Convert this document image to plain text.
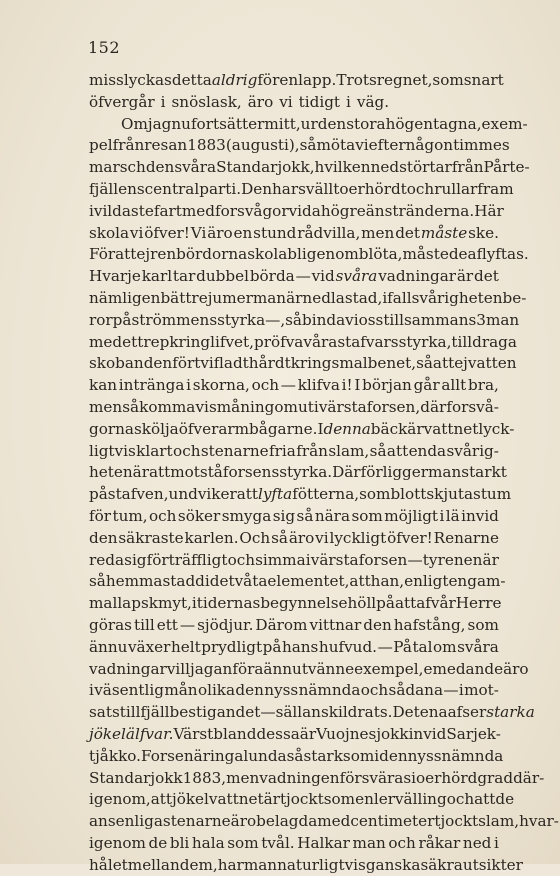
152
misslyckas detta aldrig för en lapp. Trots regnet, som snart
öfvergår i snöslask, äro vi tidigt i väg.
Om jag nu fortsätter mitt, ur den stora högen tagna, exem-
pel från resan 1883 (augusti), så möta vi efter någon timmes
marsch den svåra Standarjokk, hvilken nedstörtar från Pårte-
fjällens centralparti. Den har svällt oerhördt och rullar fram
i vildaste fart med forsvågor vida högre än stränderna. Här
skola vi öfver! Vi äro en stund rådvilla, men det måste ske.
För att ej renbördorna skola bli genomblöta, måste de aflyftas.
Hvarje karl tar dubbel börda — vid svåra vadningar är det
nämligen bättre ju mer man är nedlastad, ifall svårigheten be-
ror på strömmens styrka —, så binda vi oss tillsammans 3 man
med ett rep kring lifvet, pröfva våra stafvars styrka, tilldraga
skobanden förtvifladt hårdt kring smalbenet, så att ej vatten
kan intränga i skorna, och — klifva i! I början går allt bra,
men så komma vi småningom ut i värsta forsen, där forsvå-
gorna skölja öfver armbågarne. I denna bäck är vattnet lyck-
ligtvis klart och stenarne fria från slam, så att enda svårig-
heten är att motstå forsens styrka. Därför ligger man starkt
på stafven, undviker att lyfta fötterna, som blott skjutas tum
för tum, och söker smyga sig så nära som möjligt i lä invid
den säkraste karlen. Och så äro vi lyckligt öfver! Renarne
reda sig förträffligt och simma i värsta forsen — ty renen är
så hemmastadd i det våta elementet, att han, enligt en gam-
mal lapsk myt, i tidernas begynnelse höll på att af vår Herre
göras till ett — sjödjur. Därom vittnar den hafstång, som
ännu växer helt prydligt på hans hufvud. — På tal om svåra
vadningar vill jag anföra ännu tvänne exempel, emedan de äro
i väsentlig mån olika den nyss nämnda och sådana — i mot-
sats till fjällbestigandet — sällan skildrats. Det ena afser starka
jökelälfvar. Värst bland dessa är Vuojnesjokk invid Sarjek-
tjåkko. Forsen är ingalunda så stark som i den nyssnämnda
Standarjokk 1883, men vadningen försväras i oerhörd grad där-
igenom, att jökelvattnet är tjockt som en lervälling och att de
ansenliga stenarne äro belagda med centimetertjockt slam, hvar-
igenom de bli hala som tvål. Halkar man och råkar ned i
hålet mellan dem, har man naturligtvis ganska säkra utsikter
